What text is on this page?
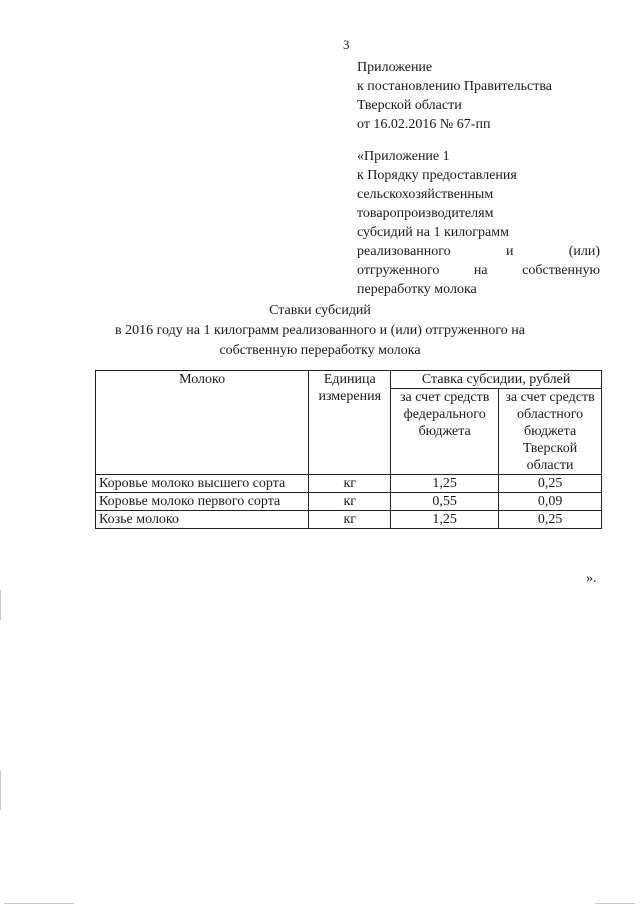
3
Приложение
к постановлению Правительства
Тверской области
от 16.02.2016 № 67-пп
«Приложение 1
к Порядку предоставления
сельскохозяйственным
товаропроизводителям
субсидий на 1 килограмм
реализованного	и	(или)
отгруженного на собственную
переработку молока
Ставки субсидий
в 2016 году на 1 килограмм реализованного и (или) отгруженного на
собственную переработку молока
Молоко	Единица измерения	Ставка субсидии, рублей	
		за счет средств федерального бюджета	за счет средств областного бюджета Тверской области
Коровье молоко высшего сорта	кг	1,25	0,25
Коровье молоко первого сорта	кг	0,55	0,09
Козье молоко	кг	1,25	0,25
».
